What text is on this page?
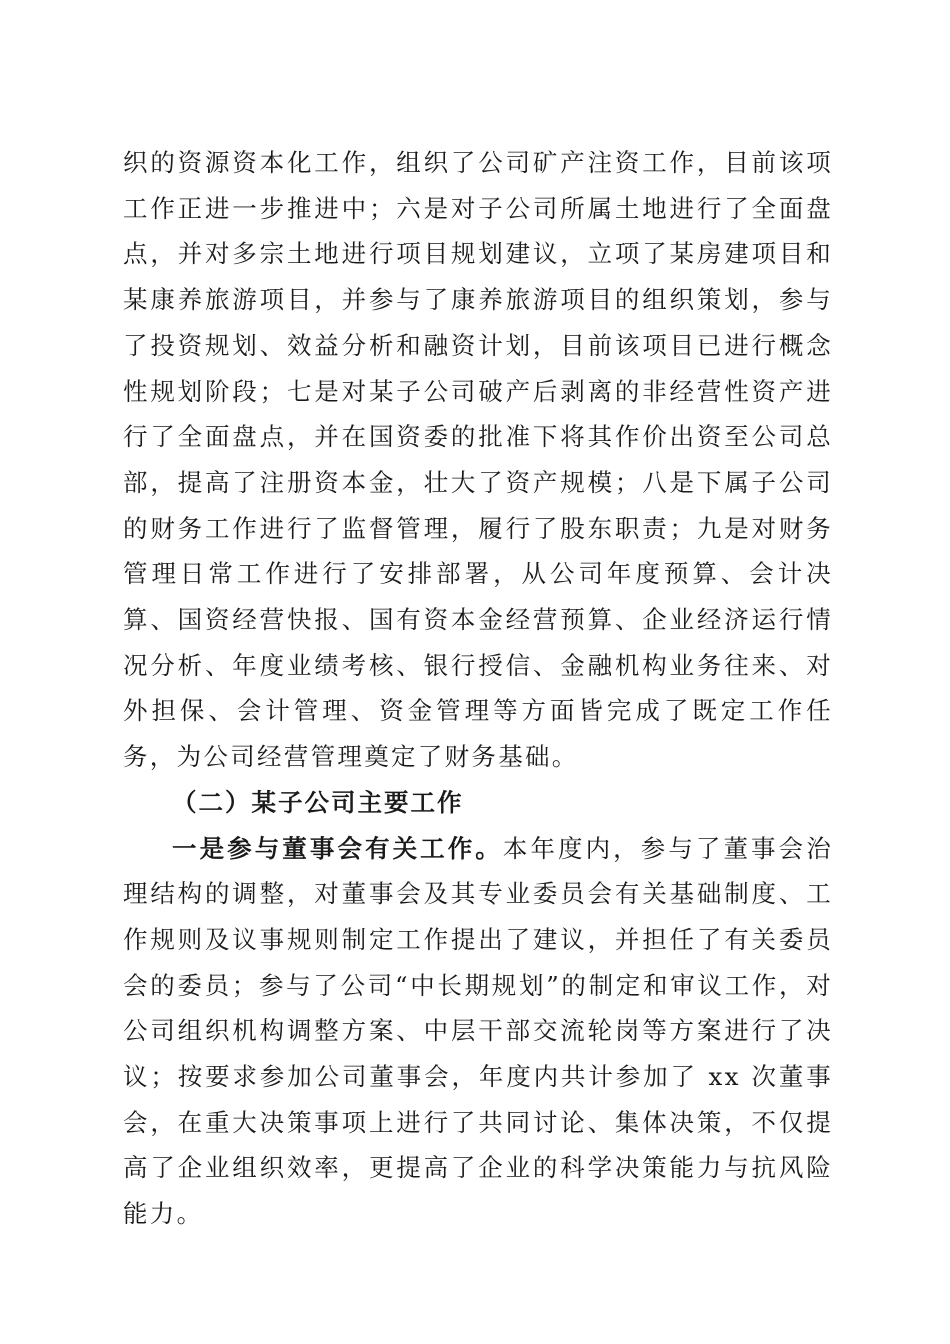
织的资源资本化工作，组织了公司矿产注资工作，目前该项工作正进一步推进中；六是对子公司所属土地进行了全面盘点，并对多宗土地进行项目规划建议，立项了某房建项目和某康养旅游项目，并参与了康养旅游项目的组织策划，参与了投资规划、效益分析和融资计划，目前该项目已进行概念性规划阶段；七是对某子公司破产后剥离的非经营性资产进行了全面盘点，并在国资委的批准下将其作价出资至公司总部，提高了注册资本金，壮大了资产规模；八是下属子公司的财务工作进行了监督管理，履行了股东职责；九是对财务管理日常工作进行了安排部署，从公司年度预算、会计决算、国资经营快报、国有资本金经营预算、企业经济运行情况分析、年度业绩考核、银行授信、金融机构业务往来、对外担保、会计管理、资金管理等方面皆完成了既定工作任务，为公司经营管理奠定了财务基础。

（二）某子公司主要工作

一是参与董事会有关工作。本年度内，参与了董事会治理结构的调整，对董事会及其专业委员会有关基础制度、工作规则及议事规则制定工作提出了建议，并担任了有关委员会的委员；参与了公司“中长期规划”的制定和审议工作，对公司组织机构调整方案、中层干部交流轮岗等方案进行了决议；按要求参加公司董事会，年度内共计参加了 xx 次董事会，在重大决策事项上进行了共同讨论、集体决策，不仅提高了企业组织效率，更提高了企业的科学决策能力与抗风险能力。
